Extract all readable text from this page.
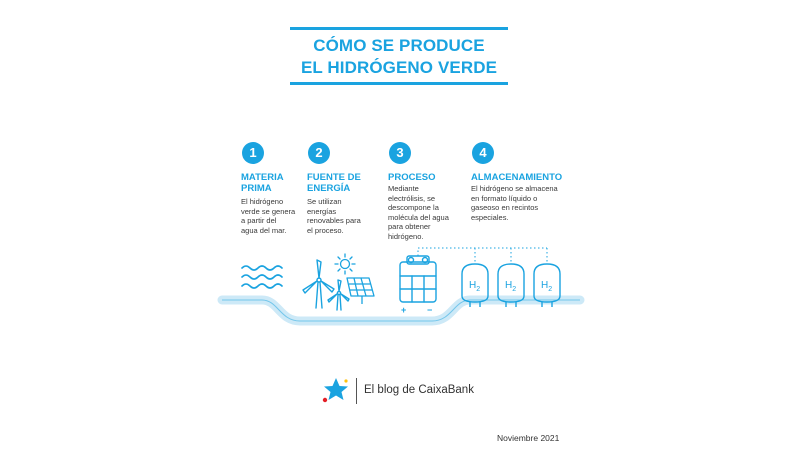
CÓMO SE PRODUCE
EL HIDRÓGENO VERDE
1
MATERIA
PRIMA
El hidrógeno
verde se genera
a partir del
agua del mar.
2
FUENTE DE
ENERGÍA
Se utilizan
energías
renovables para
el proceso.
3
PROCESO
Mediante
electrólisis, se
descompone la
molécula del agua
para obtener
hidrógeno.
4
ALMACENAMIENTO
El hidrógeno se almacena
en formato líquido o
gaseoso en recintos
especiales.
+ −
$H_2$ $H_2$ $H_2$
El blog de CaixaBank
Noviembre 2021
